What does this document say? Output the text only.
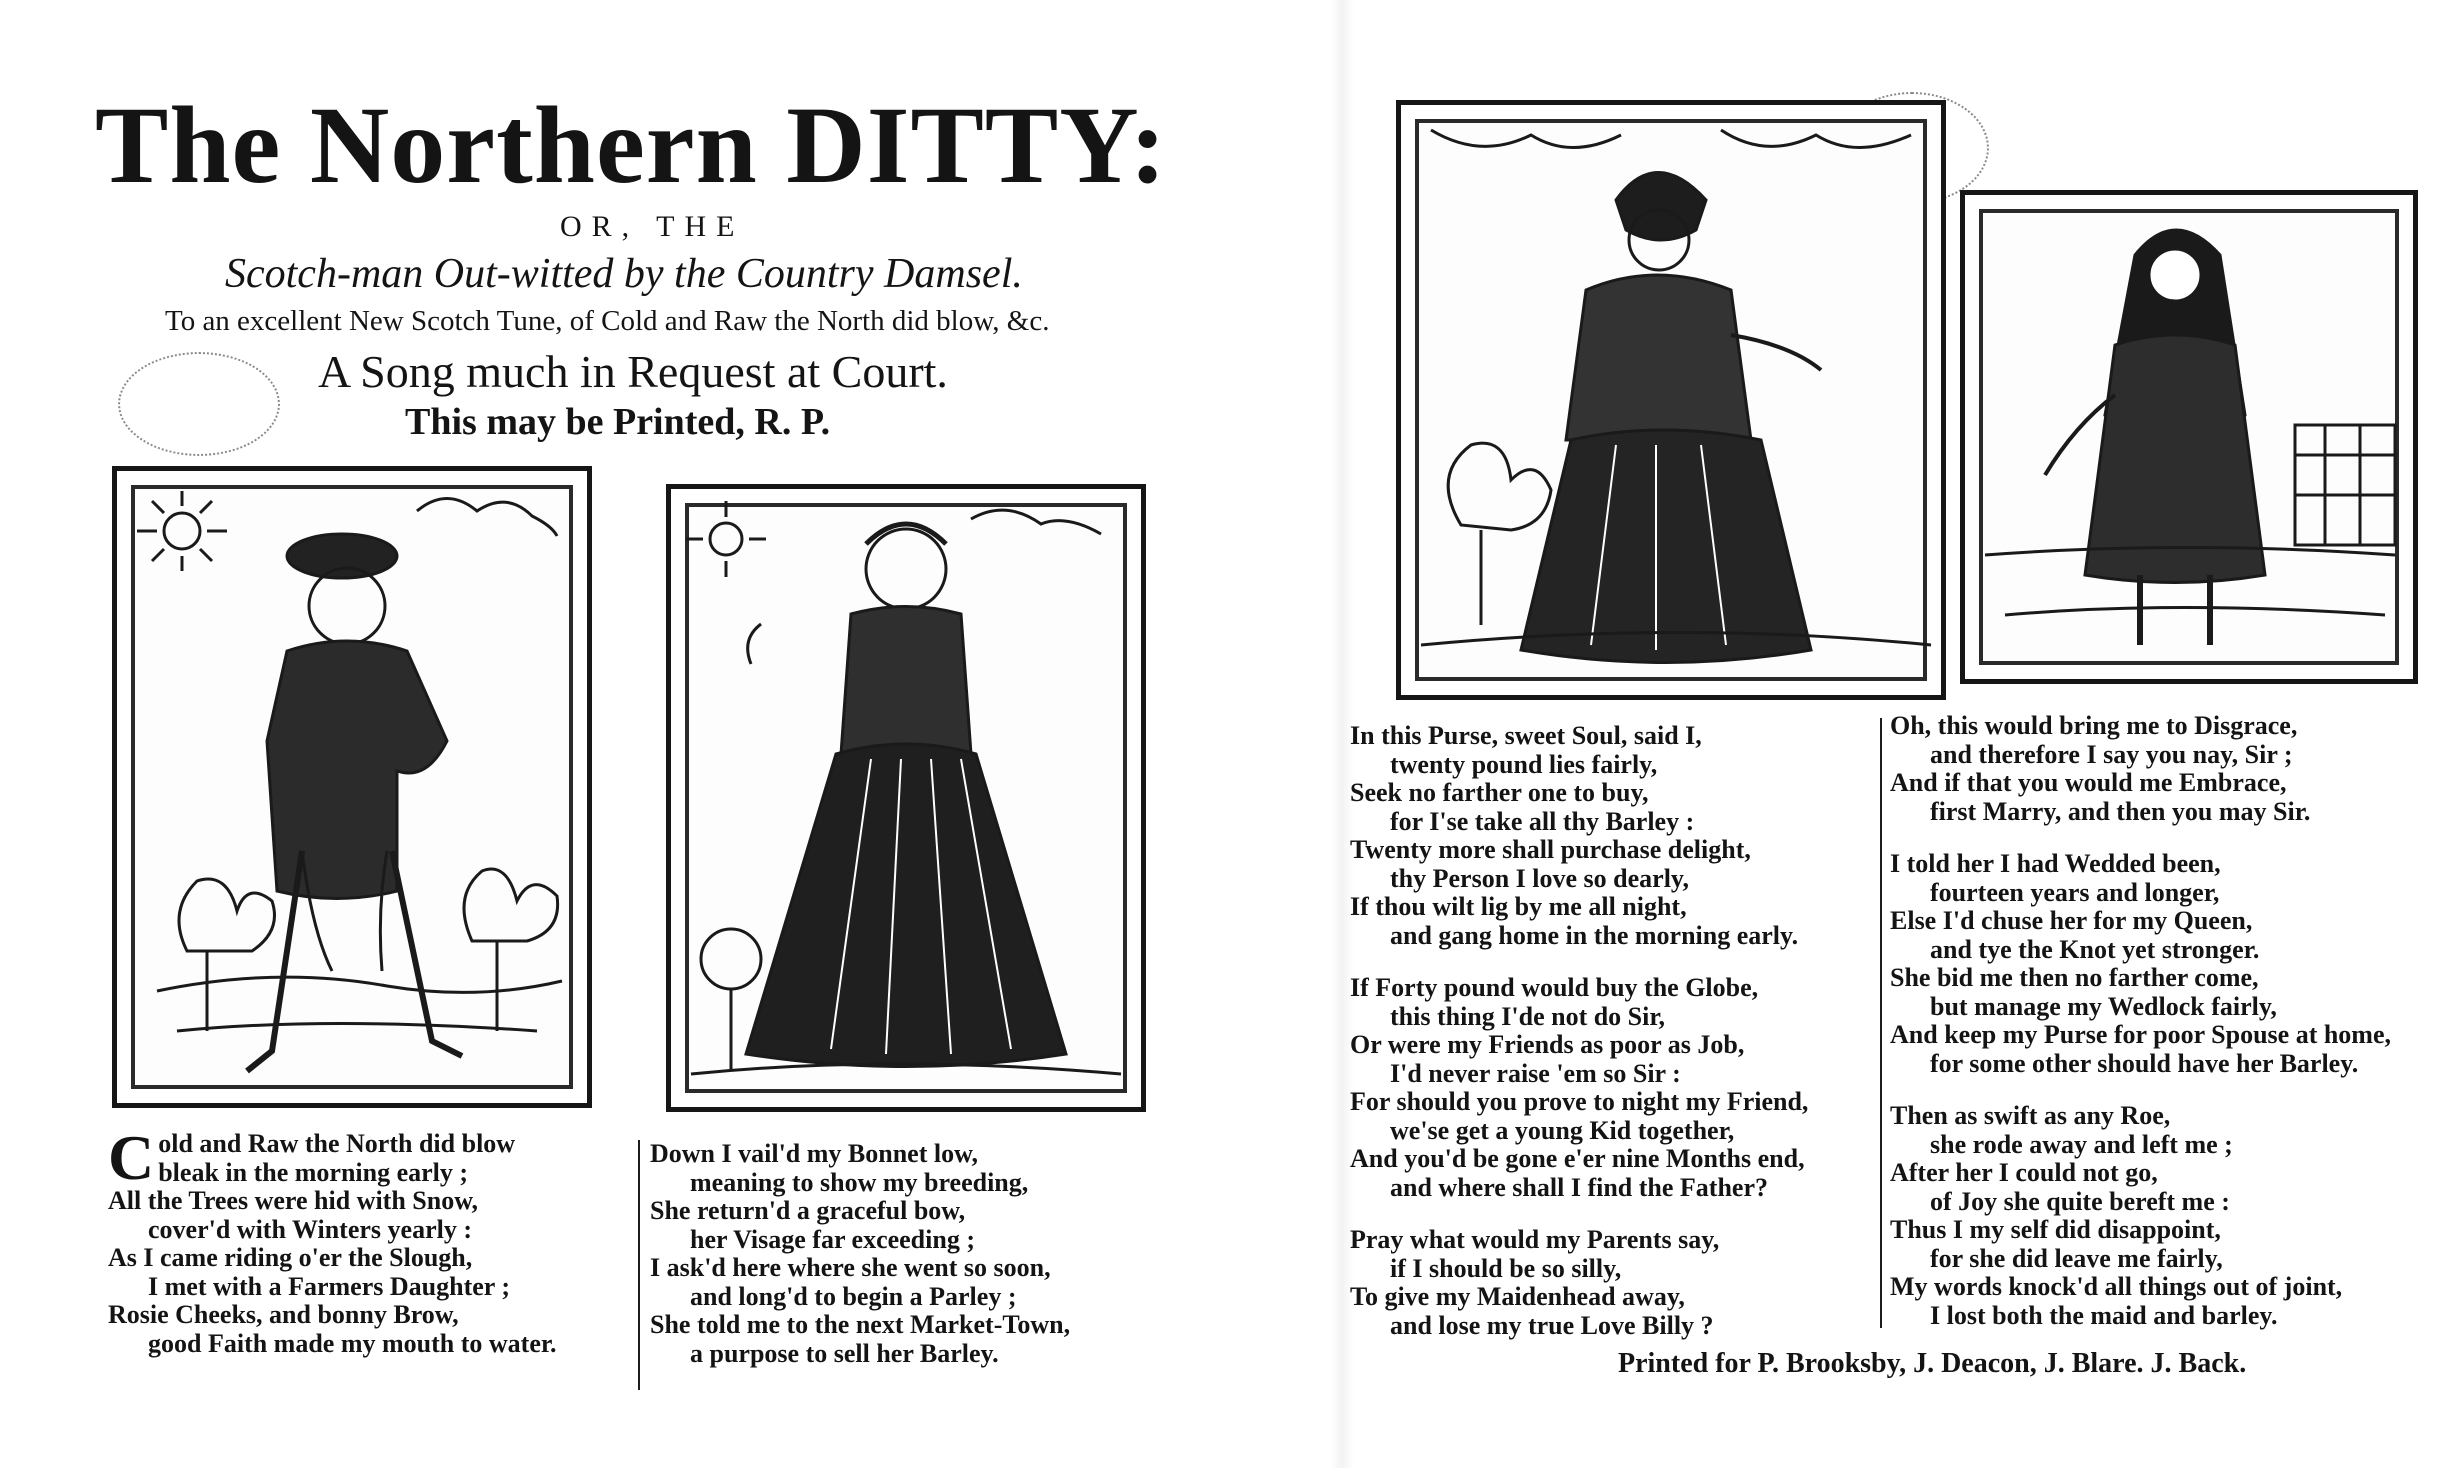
The Northern DITTY:
OR, THE
Scotch-man Out-witted by the Country Damsel.
To an excellent New Scotch Tune, of Cold and Raw the North did blow, &c.
A Song much in Request at Court.
This may be Printed, R. P.
Cold and Raw the North did blow
bleak in the morning early ;
All the Trees were hid with Snow,
cover'd with Winters yearly :
As I came riding o'er the Slough,
I met with a Farmers Daughter ;
Rosie Cheeks, and bonny Brow,
good Faith made my mouth to water.
Down I vail'd my Bonnet low,
meaning to show my breeding,
She return'd a graceful bow,
her Visage far exceeding ;
I ask'd here where she went so soon,
and long'd to begin a Parley ;
She told me to the next Market-Town,
a purpose to sell her Barley.
In this Purse, sweet Soul, said I,
twenty pound lies fairly,
Seek no farther one to buy,
for I'se take all thy Barley :
Twenty more shall purchase delight,
thy Person I love so dearly,
If thou wilt lig by me all night,
and gang home in the morning early.
If Forty pound would buy the Globe,
this thing I'de not do Sir,
Or were my Friends as poor as Job,
I'd never raise 'em so Sir :
For should you prove to night my Friend,
we'se get a young Kid together,
And you'd be gone e'er nine Months end,
and where shall I find the Father?
Pray what would my Parents say,
if I should be so silly,
To give my Maidenhead away,
and lose my true Love Billy ?
Oh, this would bring me to Disgrace,
and therefore I say you nay, Sir ;
And if that you would me Embrace,
first Marry, and then you may Sir.
I told her I had Wedded been,
fourteen years and longer,
Else I'd chuse her for my Queen,
and tye the Knot yet stronger.
She bid me then no farther come,
but manage my Wedlock fairly,
And keep my Purse for poor Spouse at home,
for some other should have her Barley.
Then as swift as any Roe,
she rode away and left me ;
After her I could not go,
of Joy she quite bereft me :
Thus I my self did disappoint,
for she did leave me fairly,
My words knock'd all things out of joint,
I lost both the maid and barley.
Printed for P. Brooksby, J. Deacon, J. Blare. J. Back.
